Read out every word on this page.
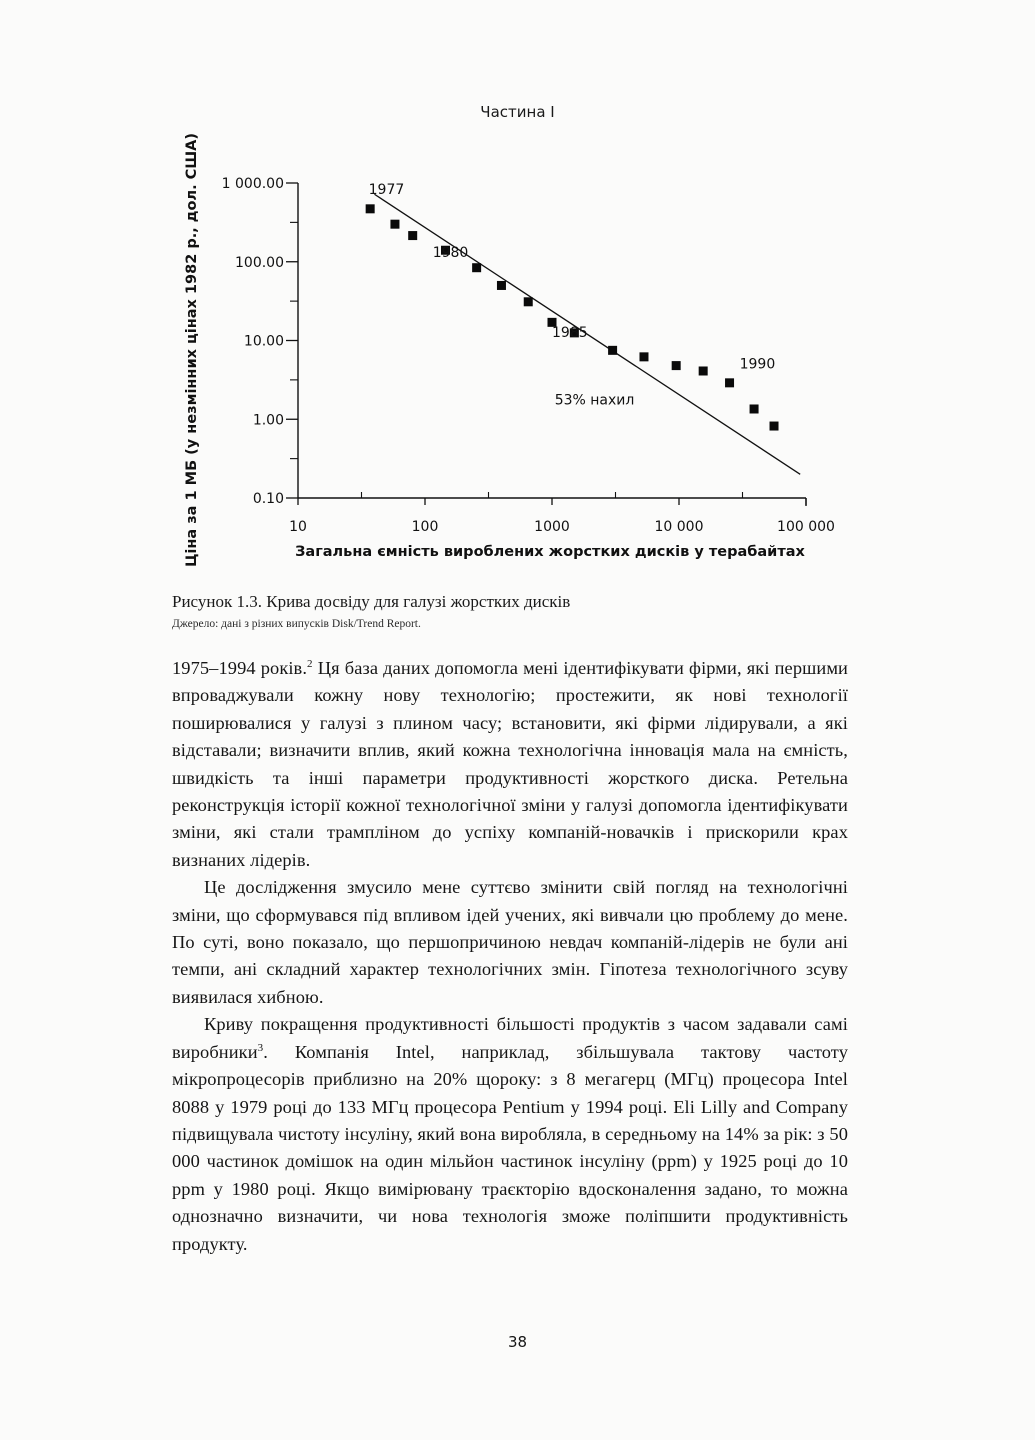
Частина I
0.10
1.00
10.00
100.00
1 000.00
10	100	1000	10 000	100 000
1977
1980
1985
1990
53% нахил
Ціна за 1 МБ (у незмінних цінах 1982 р., дол. США)	Загальна ємність вироблених жорстких дисків у терабайтах
Рисунок 1.3. Крива досвіду для галузі жорстких дисків
Джерело: дані з різних випусків Disk/Trend Report.

1975–1994 років.$^2$ Ця база даних допомогла мені ідентифікувати фірми, які першими впроваджували кожну нову технологію; простежити, як нові технології поширювалися у галузі з плином часу; встановити, які фірми лідирували, а які відставали; визначити вплив, який кожна технологічна інновація мала на ємність, швидкість та інші параметри продуктивності жорсткого диска. Ретельна реконструкція історії кожної технологічної зміни у галузі допомогла ідентифікувати зміни, які стали трампліном до успіху компаній-новачків і прискорили крах визнаних лідерів.

Це дослідження змусило мене суттєво змінити свій погляд на технологічні зміни, що сформувався під впливом ідей учених, які вивчали цю проблему до мене. По суті, воно показало, що першопричиною невдач компаній-лідерів не були ані темпи, ані складний характер технологічних змін. Гіпотеза технологічного зсуву виявилася хибною.

Криву покращення продуктивності більшості продуктів з часом задавали самі виробники$^3$. Компанія Intel, наприклад, збільшувала тактову частоту мікропроцесорів приблизно на 20% щороку: з 8 мегагерц (МГц) процесора Intel 8088 у 1979 році до 133 МГц процесора Pentium у 1994 році. Eli Lilly and Company підвищувала чистоту інсуліну, який вона виробляла, в середньому на 14% за рік: з 50 000 частинок домішок на один мільйон частинок інсуліну (ppm) у 1925 році до 10 ppm у 1980 році. Якщо вимірювану траєкторію вдосконалення задано, то можна однозначно визначити, чи нова технологія зможе поліпшити продуктивність продукту.

38
